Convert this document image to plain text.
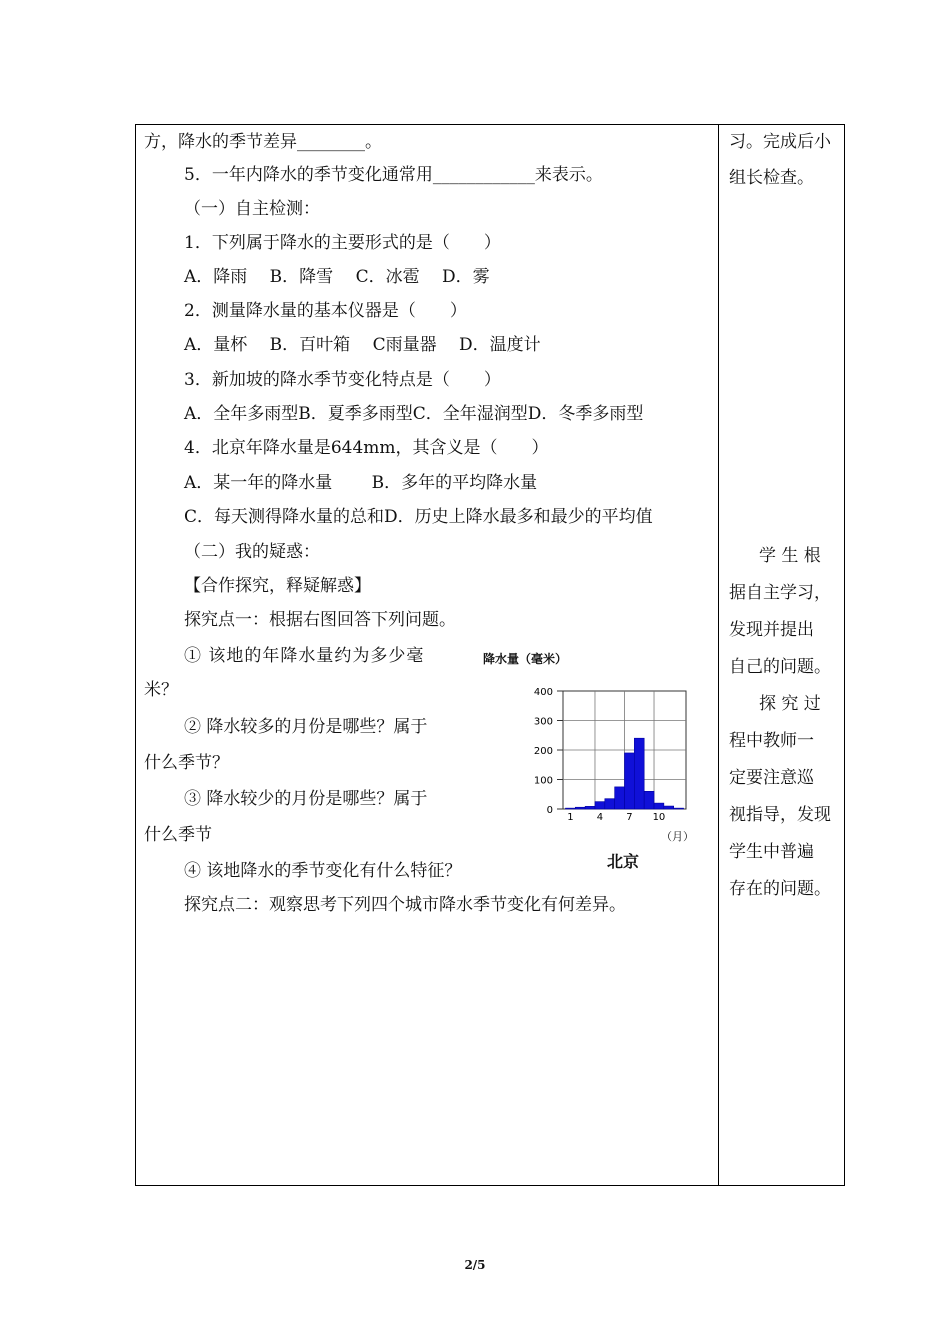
方，降水的季节差异________。
5．一年内降水的季节变化通常用____________来表示。
（一）自主检测：
1．下列属于降水的主要形式的是（　　）
A．降雨　 B．降雪　 C．冰雹　 D．雾
2．测量降水量的基本仪器是（　　）
A．量杯　 B．百叶箱　 C雨量器　 D．温度计
3．新加坡的降水季节变化特点是（　　）
A．全年多雨型B．夏季多雨型C．全年湿润型D．冬季多雨型
4．北京年降水量是644mm，其含义是（　　）
A．某一年的降水量　　 B．多年的平均降水量
C．每天测得降水量的总和D．历史上降水最多和最少的平均值
（二）我的疑惑：
【合作探究，释疑解惑】
探究点一：根据右图回答下列问题。
① 该地的年降水量约为多少毫
米？
② 降水较多的月份是哪些？属于
什么季节？
③ 降水较少的月份是哪些？属于
什么季节
④ 该地降水的季节变化有什么特征？
探究点二：观察思考下列四个城市降水季节变化有何差异。
降水量（毫米）
400
300
200
100
0
1 4 7 10
（月）
北京
习。完成后小
组长检查。
学 生 根
据自主学习，
发现并提出
自己的问题。
探 究 过
程中教师一
定要注意巡
视指导，发现
学生中普遍
存在的问题。
2/5
